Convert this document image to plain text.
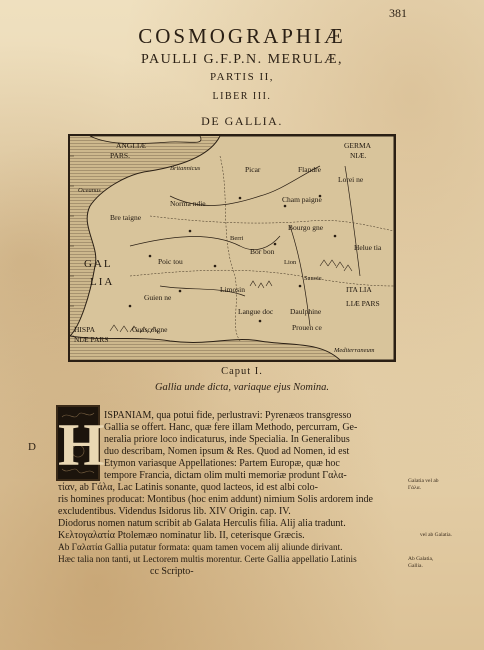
381
COSMOGRAPHIÆ
PAULLI G.F.P.N. MERULÆ,
PARTIS II,
LIBER III.
DE GALLIA.
ANGLIÆ
PARS.
GERMA
NIÆ.
Britannicus
Oceanus
GAL
LIA
HISPA
NIÆ PARS
Norma ndie
Picar	Flandre
Lorei ne
Bre taigne
Cham paigne
Bourgo gne
Poic tou
Limosin
Guien ne
Langue doc Daulphine
Prouen ce
Guascoigne
ITA LIA
LIÆ PARS
Helue tia
Sauoie
Lion
Bor bon
Berri
Mediterraneum
Caput I.
Gallia unde dicta, variaque ejus Nomina.
D H ISPANIAM, qua potui fide, perlustravi: Pyrenæos transgresso
Gallia se offert. Hanc, quæ fere illam Methodo, percurram, Ge-
neralia priore loco indicaturus, inde Specialia. In Generalibus
duo describam, Nomen ipsum & Res. Quod ad Nomen, id est
Etymon variasque Appellationes: Partem Europæ, quæ hoc
tempore Francia, dictam olim multi memoriæ produnt Γαλα-
τίαν, ab Γάλα, Lac Latinis sonante, quod lacteos, id est albi colo-
ris homines producat: Montibus (hoc enim addunt) nimium Solis ardorem inde
excludentibus. Videndus Isidorus lib. XIV Origin. cap. IV.
Diodorus nomen natum scribit ab Galata Herculis filia. Alij alia tradunt.
Κελτογαλατία Ptolemæo nominatur lib. II, ceterisque Græcis.
Ab Γαλατία Gallia putatur formata: quam tamen vocem alij aliunde dirivant.
Hæc talia non tanti, ut Lectorem multis morentur. Certe Gallia appellatio Latinis
cc Scripto-
Galatia vel ab Γάλα.
vel ab Galatia.
Ab Galatia, Gallia.
